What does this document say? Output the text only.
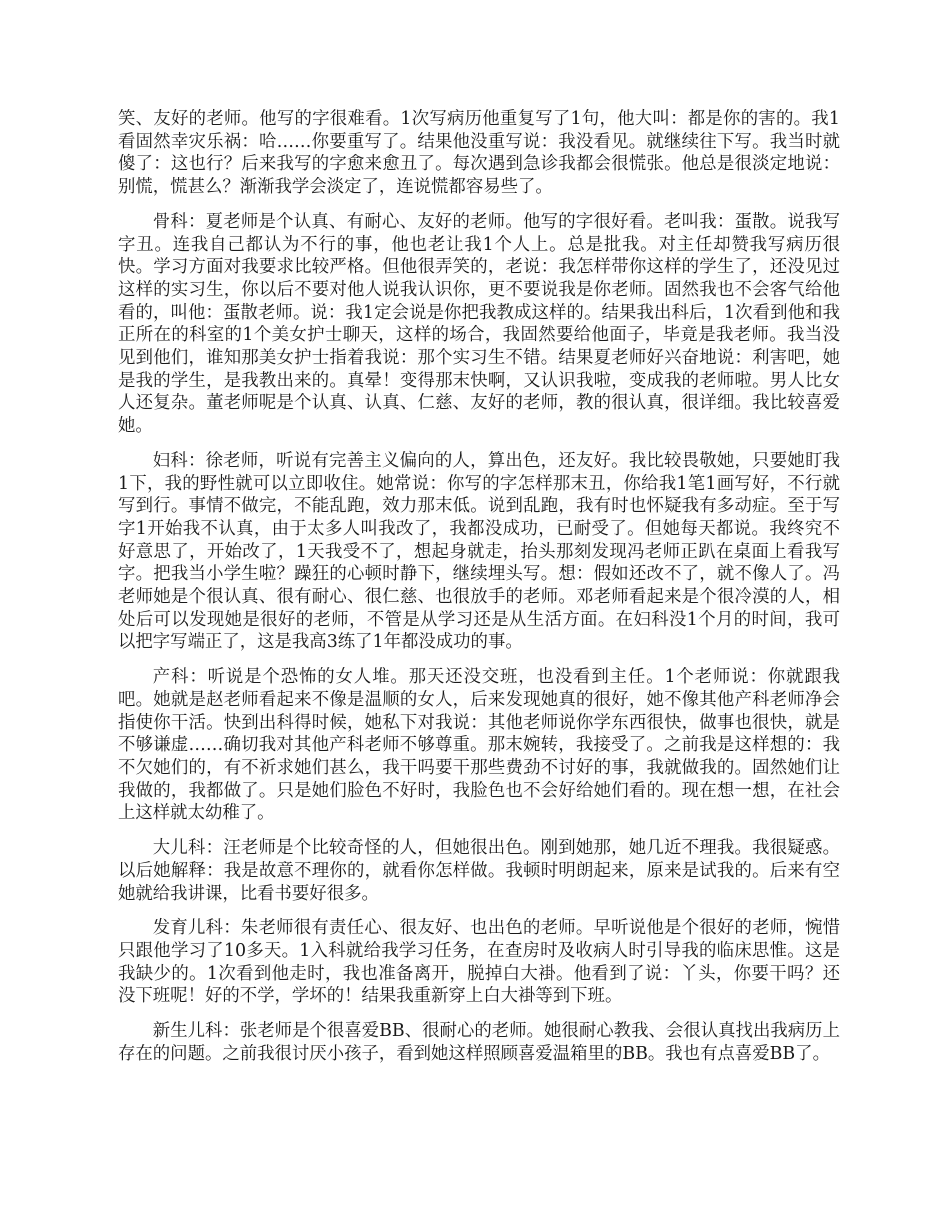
笑、友好的老师。他写的字很难看。1次写病历他重复写了1句，他大叫：都是你的害的。我1看固然幸灾乐祸：哈……你要重写了。结果他没重写说：我没看见。就继续往下写。我当时就傻了：这也行？后来我写的字愈来愈丑了。每次遇到急诊我都会很慌张。他总是很淡定地说：别慌，慌甚么？渐渐我学会淡定了，连说慌都容易些了。

骨科：夏老师是个认真、有耐心、友好的老师。他写的字很好看。老叫我：蛋散。说我写字丑。连我自己都认为不行的事，他也老让我1个人上。总是批我。对主任却赞我写病历很快。学习方面对我要求比较严格。但他很弄笑的，老说：我怎样带你这样的学生了，还没见过这样的实习生，你以后不要对他人说我认识你，更不要说我是你老师。固然我也不会客气给他看的，叫他：蛋散老师。说：我1定会说是你把我教成这样的。结果我出科后，1次看到他和我正所在的科室的1个美女护士聊天，这样的场合，我固然要给他面子，毕竟是我老师。我当没见到他们，谁知那美女护士指着我说：那个实习生不错。结果夏老师好兴奋地说：利害吧，她是我的学生，是我教出来的。真晕！变得那末快啊，又认识我啦，变成我的老师啦。男人比女人还复杂。董老师呢是个认真、认真、仁慈、友好的老师，教的很认真，很详细。我比较喜爱她。

妇科：徐老师，听说有完善主义偏向的人，算出色，还友好。我比较畏敬她，只要她盯我1下，我的野性就可以立即收住。她常说：你写的字怎样那末丑，你给我1笔1画写好，不行就写到行。事情不做完，不能乱跑，效力那末低。说到乱跑，我有时也怀疑我有多动症。至于写字1开始我不认真，由于太多人叫我改了，我都没成功，已耐受了。但她每天都说。我终究不好意思了，开始改了，1天我受不了，想起身就走，抬头那刻发现冯老师正趴在桌面上看我写字。把我当小学生啦？躁狂的心顿时静下，继续埋头写。想：假如还改不了，就不像人了。冯老师她是个很认真、很有耐心、很仁慈、也很放手的老师。邓老师看起来是个很冷漠的人，相处后可以发现她是很好的老师，不管是从学习还是从生活方面。在妇科没1个月的时间，我可以把字写端正了，这是我高3练了1年都没成功的事。

产科：听说是个恐怖的女人堆。那天还没交班，也没看到主任。1个老师说：你就跟我吧。她就是赵老师看起来不像是温顺的女人，后来发现她真的很好，她不像其他产科老师净会指使你干活。快到出科得时候，她私下对我说：其他老师说你学东西很快，做事也很快，就是不够谦虚……确切我对其他产科老师不够尊重。那末婉转，我接受了。之前我是这样想的：我不欠她们的，有不祈求她们甚么，我干吗要干那些费劲不讨好的事，我就做我的。固然她们让我做的，我都做了。只是她们脸色不好时，我脸色也不会好给她们看的。现在想一想，在社会上这样就太幼稚了。

大儿科：汪老师是个比较奇怪的人，但她很出色。刚到她那，她几近不理我。我很疑惑。以后她解释：我是故意不理你的，就看你怎样做。我顿时明朗起来，原来是试我的。后来有空她就给我讲课，比看书要好很多。

发育儿科：朱老师很有责任心、很友好、也出色的老师。早听说他是个很好的老师，惋惜只跟他学习了10多天。1入科就给我学习任务，在查房时及收病人时引导我的临床思惟。这是我缺少的。1次看到他走时，我也准备离开，脱掉白大褂。他看到了说：丫头，你要干吗？还没下班呢！好的不学，学坏的！结果我重新穿上白大褂等到下班。

新生儿科：张老师是个很喜爱BB、很耐心的老师。她很耐心教我、会很认真找出我病历上存在的问题。之前我很讨厌小孩子，看到她这样照顾喜爱温箱里的BB。我也有点喜爱BB了。
